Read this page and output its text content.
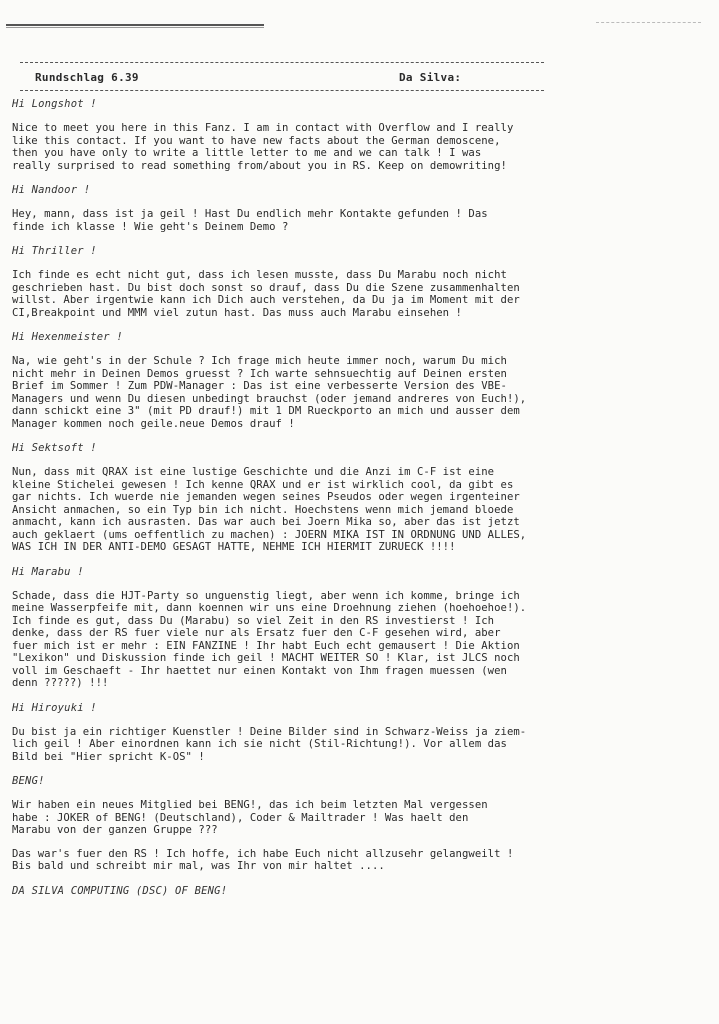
Rundschlag 6.39	Da Silva:

Hi Longshot !

Nice to meet you here in this Fanz. I am in contact with Overflow and I really

like this contact. If you want to have new facts about the German demoscene,

then you have only to write a little letter to me and we can talk ! I was

really surprised to read something from/about you in RS. Keep on demowriting!

Hi Nandoor !

Hey, mann, dass ist ja geil ! Hast Du endlich mehr Kontakte gefunden ! Das

finde ich klasse ! Wie geht's Deinem Demo ?

Hi Thriller !

Ich finde es echt nicht gut, dass ich lesen musste, dass Du Marabu noch nicht

geschrieben hast. Du bist doch sonst so drauf, dass Du die Szene zusammenhalten

willst. Aber irgentwie kann ich Dich auch verstehen, da Du ja im Moment mit der

CI,Breakpoint und MMM viel zutun hast. Das muss auch Marabu einsehen !

Hi Hexenmeister !

Na, wie geht's in der Schule ? Ich frage mich heute immer noch, warum Du mich

nicht mehr in Deinen Demos gruesst ? Ich warte sehnsuechtig auf Deinen ersten

Brief im Sommer ! Zum PDW-Manager : Das ist eine verbesserte Version des VBE-

Managers und wenn Du diesen unbedingt brauchst (oder jemand andreres von Euch!),

dann schickt eine 3" (mit PD drauf!) mit 1 DM Rueckporto an mich und ausser dem

Manager kommen noch geile.neue Demos drauf !

Hi Sektsoft !

Nun, dass mit QRAX ist eine lustige Geschichte und die Anzi im C-F ist eine

kleine Stichelei gewesen ! Ich kenne QRAX und er ist wirklich cool, da gibt es

gar nichts. Ich wuerde nie jemanden wegen seines Pseudos oder wegen irgenteiner

Ansicht anmachen, so ein Typ bin ich nicht. Hoechstens wenn mich jemand bloede

anmacht, kann ich ausrasten. Das war auch bei Joern Mika so, aber das ist jetzt

auch geklaert (ums oeffentlich zu machen) : JOERN MIKA IST IN ORDNUNG UND ALLES,

WAS ICH IN DER ANTI-DEMO GESAGT HATTE, NEHME ICH HIERMIT ZURUECK !!!!

Hi Marabu !

Schade, dass die HJT-Party so unguenstig liegt, aber wenn ich komme, bringe ich

meine Wasserpfeife mit, dann koennen wir uns eine Droehnung ziehen (hoehoehoe!).

Ich finde es gut, dass Du (Marabu) so viel Zeit in den RS investierst ! Ich

denke, dass der RS fuer viele nur als Ersatz fuer den C-F gesehen wird, aber

fuer mich ist er mehr : EIN FANZINE ! Ihr habt Euch echt gemausert ! Die Aktion

"Lexikon" und Diskussion finde ich geil ! MACHT WEITER SO ! Klar, ist JLCS noch

voll im Geschaeft - Ihr haettet nur einen Kontakt von Ihm fragen muessen (wen

denn ?????) !!!

Hi Hiroyuki !

Du bist ja ein richtiger Kuenstler ! Deine Bilder sind in Schwarz-Weiss ja ziem-

lich geil ! Aber einordnen kann ich sie nicht (Stil-Richtung!). Vor allem das

Bild bei "Hier spricht K-OS" !

BENG!

Wir haben ein neues Mitglied bei BENG!, das ich beim letzten Mal vergessen

habe : JOKER of BENG! (Deutschland), Coder & Mailtrader ! Was haelt den

Marabu von der ganzen Gruppe ???

Das war's fuer den RS ! Ich hoffe, ich habe Euch nicht allzusehr gelangweilt !

Bis bald und schreibt mir mal, was Ihr von mir haltet ....

DA SILVA COMPUTING (DSC) OF BENG!
